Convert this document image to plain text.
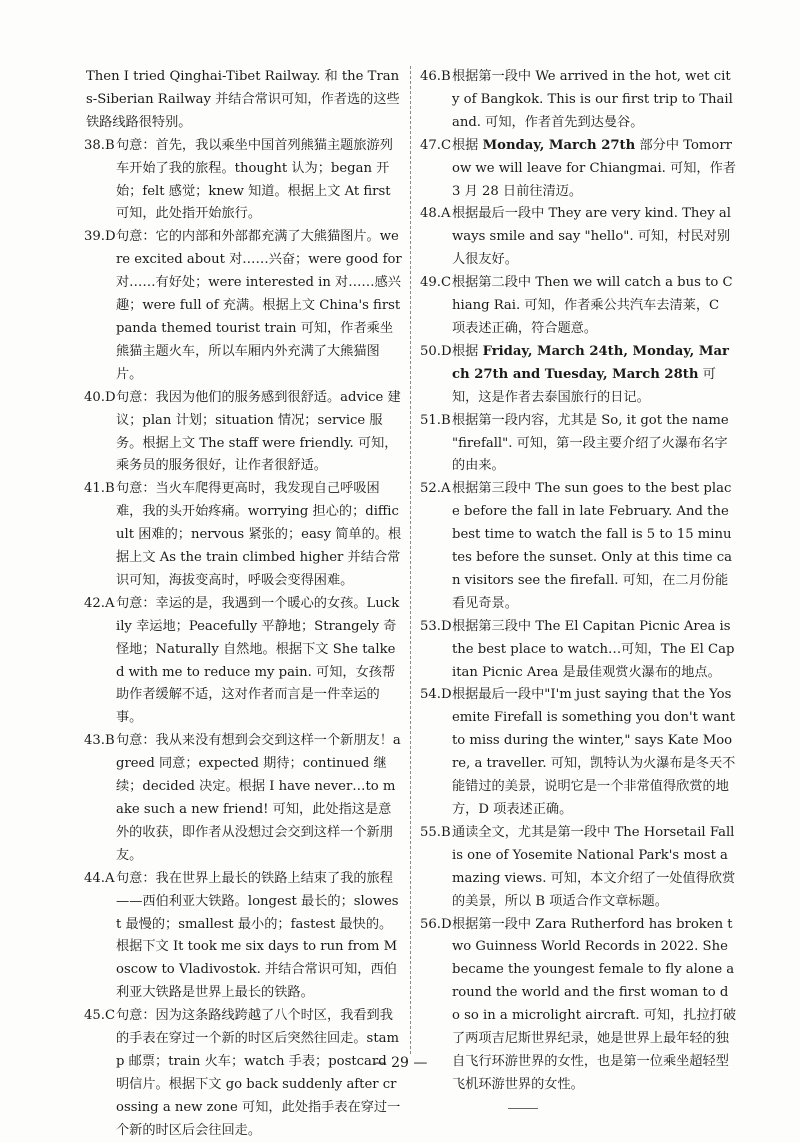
Then I tried Qinghai-Tibet Railway. 和 the Trans-Siberian Railway 并结合常识可知，作者选的这些铁路线路很特别。

38.B 句意：首先，我以乘坐中国首列熊猫主题旅游列车开始了我的旅程。thought 认为；began 开始；felt 感觉；knew 知道。根据上文 At first 可知，此处指开始旅行。

39.D 句意：它的内部和外部都充满了大熊猫图片。were excited about 对……兴奋；were good for 对……有好处；were interested in 对……感兴趣；were full of 充满。根据上文 China's first panda themed tourist train 可知，作者乘坐熊猫主题火车，所以车厢内外充满了大熊猫图片。

40.D 句意：我因为他们的服务感到很舒适。advice 建议；plan 计划；situation 情况；service 服务。根据上文 The staff were friendly. 可知，乘务员的服务很好，让作者很舒适。

41.B 句意：当火车爬得更高时，我发现自己呼吸困难，我的头开始疼痛。worrying 担心的；difficult 困难的；nervous 紧张的；easy 简单的。根据上文 As the train climbed higher 并结合常识可知，海拔变高时，呼吸会变得困难。

42.A 句意：幸运的是，我遇到一个暖心的女孩。Luckily 幸运地；Peacefully 平静地；Strangely 奇怪地；Naturally 自然地。根据下文 She talked with me to reduce my pain. 可知，女孩帮助作者缓解不适，这对作者而言是一件幸运的事。

43.B 句意：我从来没有想到会交到这样一个新朋友！agreed 同意；expected 期待；continued 继续；decided 决定。根据 I have never…to make such a new friend! 可知，此处指这是意外的收获，即作者从没想过会交到这样一个新朋友。

44.A 句意：我在世界上最长的铁路上结束了我的旅程——西伯利亚大铁路。longest 最长的；slowest 最慢的；smallest 最小的；fastest 最快的。根据下文 It took me six days to run from Moscow to Vladivostok. 并结合常识可知，西伯利亚大铁路是世界上最长的铁路。

45.C 句意：因为这条路线跨越了八个时区，我看到我的手表在穿过一个新的时区后突然往回走。stamp 邮票；train 火车；watch 手表；postcard 明信片。根据下文 go back suddenly after crossing a new zone 可知，此处指手表在穿过一个新的时区后会往回走。

46.B 根据第一段中 We arrived in the hot, wet city of Bangkok. This is our first trip to Thailand. 可知，作者首先到达曼谷。

47.C 根据 Monday, March 27th 部分中 Tomorrow we will leave for Chiangmai. 可知，作者 3 月 28 日前往清迈。

48.A 根据最后一段中 They are very kind. They always smile and say "hello". 可知，村民对别人很友好。

49.C 根据第二段中 Then we will catch a bus to Chiang Rai. 可知，作者乘公共汽车去清莱，C 项表述正确，符合题意。

50.D 根据 Friday, March 24th, Monday, March 27th and Tuesday, March 28th 可知，这是作者去泰国旅行的日记。

51.B 根据第一段内容，尤其是 So, it got the name "firefall". 可知，第一段主要介绍了火瀑布名字的由来。

52.A 根据第三段中 The sun goes to the best place before the fall in late February. And the best time to watch the fall is 5 to 15 minutes before the sunset. Only at this time can visitors see the firefall. 可知，在二月份能看见奇景。

53.D 根据第三段中 The El Capitan Picnic Area is the best place to watch…可知，The El Capitan Picnic Area 是最佳观赏火瀑布的地点。

54.D 根据最后一段中"I'm just saying that the Yosemite Firefall is something you don't want to miss during the winter," says Kate Moore, a traveller. 可知，凯特认为火瀑布是冬天不能错过的美景，说明它是一个非常值得欣赏的地方，D 项表述正确。

55.B 通读全文，尤其是第一段中 The Horsetail Fall is one of Yosemite National Park's most amazing views. 可知，本文介绍了一处值得欣赏的美景，所以 B 项适合作文章标题。

56.D 根据第一段中 Zara Rutherford has broken two Guinness World Records in 2022. She became the youngest female to fly alone around the world and the first woman to do so in a microlight aircraft. 可知，扎拉打破了两项吉尼斯世界纪录，她是世界上最年轻的独自飞行环游世界的女性，也是第一位乘坐超轻型飞机环游世界的女性。

— 29 —
